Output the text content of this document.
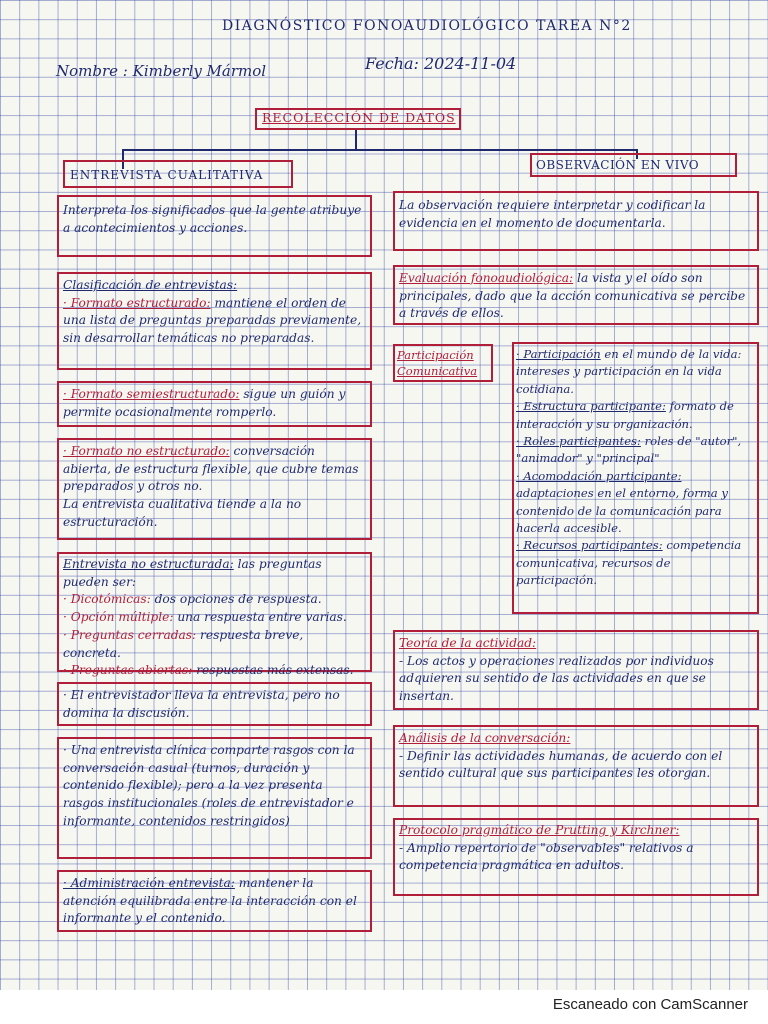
DIAGNÓSTICO FONOAUDIOLÓGICO TAREA N°2
Nombre : Kimberly Mármol	Fecha: 2024-11-04
RECOLECCIÓN DE DATOS
ENTREVISTA CUALITATIVA
OBSERVACIÓN EN VIVO

Interpreta los significados que la gente atribuye a acontecimientos y acciones.

Clasificación de entrevistas:

· Formato estructurado: mantiene el orden de una lista de preguntas preparadas previamente, sin desarrollar temáticas no preparadas.

· Formato semiestructurado: sigue un guión y permite ocasionalmente romperlo.

· Formato no estructurado: conversación abierta, de estructura flexible, que cubre temas preparados y otros no.

La entrevista cualitativa tiende a la no estructuración.

Entrevista no estructurada: las preguntas pueden ser:

· Dicotómicas: dos opciones de respuesta.

· Opción múltiple: una respuesta entre varias.

· Preguntas cerradas: respuesta breve, concreta.

· Preguntas abiertas: respuestas más extensas.

· El entrevistador lleva la entrevista, pero no domina la discusión.

· Una entrevista clínica comparte rasgos con la conversación casual (turnos, duración y contenido flexible); pero a la vez presenta rasgos institucionales (roles de entrevistador e informante, contenidos restringidos)

· Administración entrevista: mantener la atención equilibrada entre la interacción con el informante y el contenido.

La observación requiere interpretar y codificar la evidencia en el momento de documentarla.

Evaluación fonoaudiológica: la vista y el oído son principales, dado que la acción comunicativa se percibe a través de ellos.

Participación Comunicativa

· Participación en el mundo de la vida: intereses y participación en la vida cotidiana.

· Estructura participante: formato de interacción y su organización.

· Roles participantes: roles de "autor", "animador" y "principal"

· Acomodación participante: adaptaciones en el entorno, forma y contenido de la comunicación para hacerla accesible.

· Recursos participantes: competencia comunicativa, recursos de participación.

Teoría de la actividad:

- Los actos y operaciones realizados por individuos adquieren su sentido de las actividades en que se insertan.

Análisis de la conversación:

- Definir las actividades humanas, de acuerdo con el sentido cultural que sus participantes les otorgan.

Protocolo pragmático de Prutting y Kirchner:

- Amplio repertorio de "observables" relativos a competencia pragmática en adultos.

Escaneado con CamScanner
